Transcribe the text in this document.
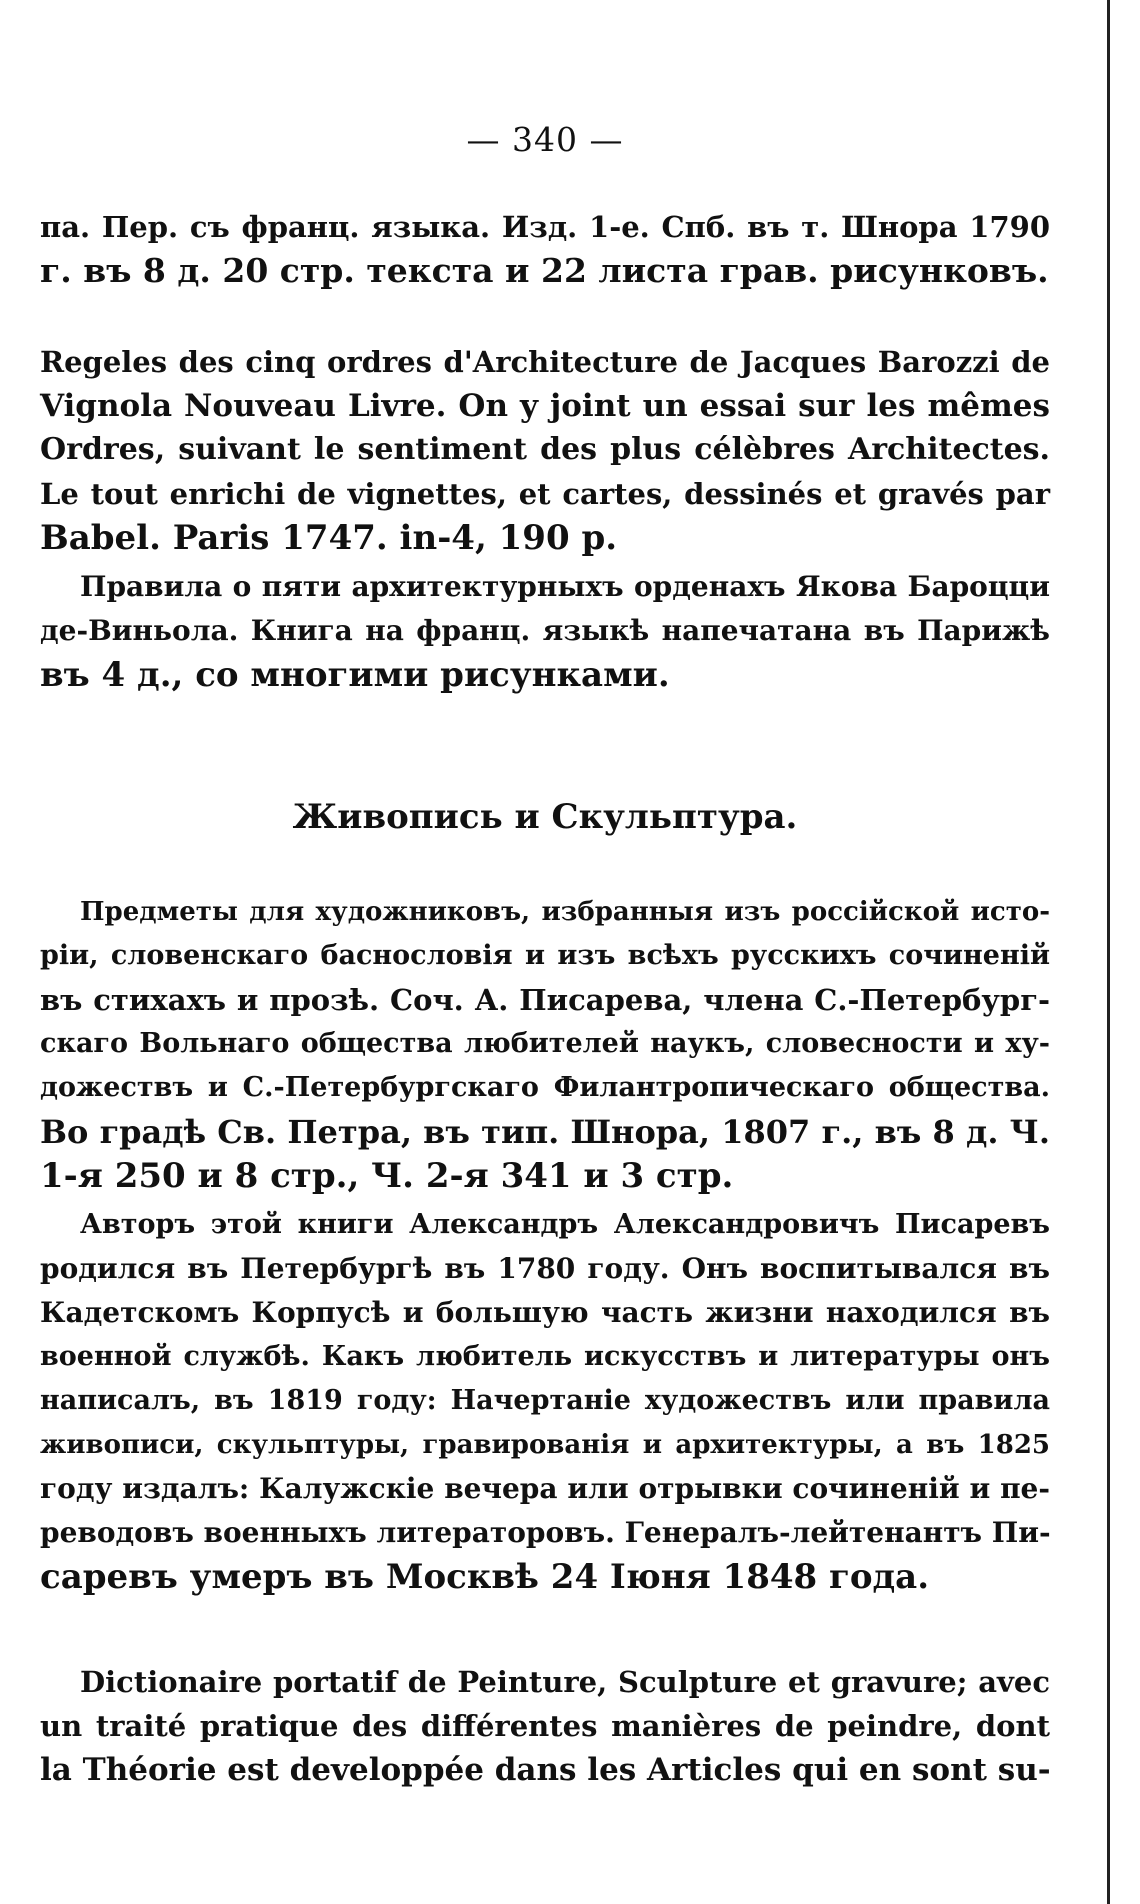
— 340 —
па. Пер. съ франц. языка. Изд. 1-е. Спб. въ т. Шнора 1790
г. въ 8 д. 20 стр. текста и 22 листа грав. рисунковъ.
Regeles des cinq ordres d'Architecture de Jacques Barozzi de
Vignola Nouveau Livre. On y joint un essai sur les mêmes
Ordres, suivant le sentiment des plus célèbres Architectes.
Le tout enrichi de vignettes, et cartes, dessinés et gravés par
Babel. Paris 1747. in-4, 190 p.
Правила о пяти архитектурныхъ орденахъ Якова Бароцци
де-Виньола. Книга на франц. языкѣ напечатана въ Парижѣ
въ 4 д., со многими рисунками.
Живопись и Скульптура.
Предметы для художниковъ, избранныя изъ россiйской исто-
рiи, словенскаго баснословiя и изъ всѣхъ русскихъ сочиненiй
въ стихахъ и прозѣ. Соч. А. Писарева, члена С.-Петербург-
скаго Вольнаго общества любителей наукъ, словесности и ху-
дожествъ и С.-Петербургскаго Филантропическаго общества.
Во градѣ Св. Петра, въ тип. Шнора, 1807 г., въ 8 д. Ч.
1-я 250 и 8 стр., Ч. 2-я 341 и 3 стр.
Авторъ этой книги Александръ Александровичъ Писаревъ
родился въ Петербургѣ въ 1780 году. Онъ воспитывался въ
Кадетскомъ Корпусѣ и большую часть жизни находился въ
военной службѣ. Какъ любитель искусствъ и литературы онъ
написалъ, въ 1819 году: Начертанiе художествъ или правила
живописи, скульптуры, гравированiя и архитектуры, а въ 1825
году издалъ: Калужскiе вечера или отрывки сочиненiй и пе-
реводовъ военныхъ литераторовъ. Генералъ-лейтенантъ Пи-
саревъ умеръ въ Москвѣ 24 Iюня 1848 года.
Dictionaire portatif de Peinture, Sculpture et gravure; avec
un traité pratique des différentes manières de peindre, dont
la Théorie est developpée dans les Articles qui en sont su-
